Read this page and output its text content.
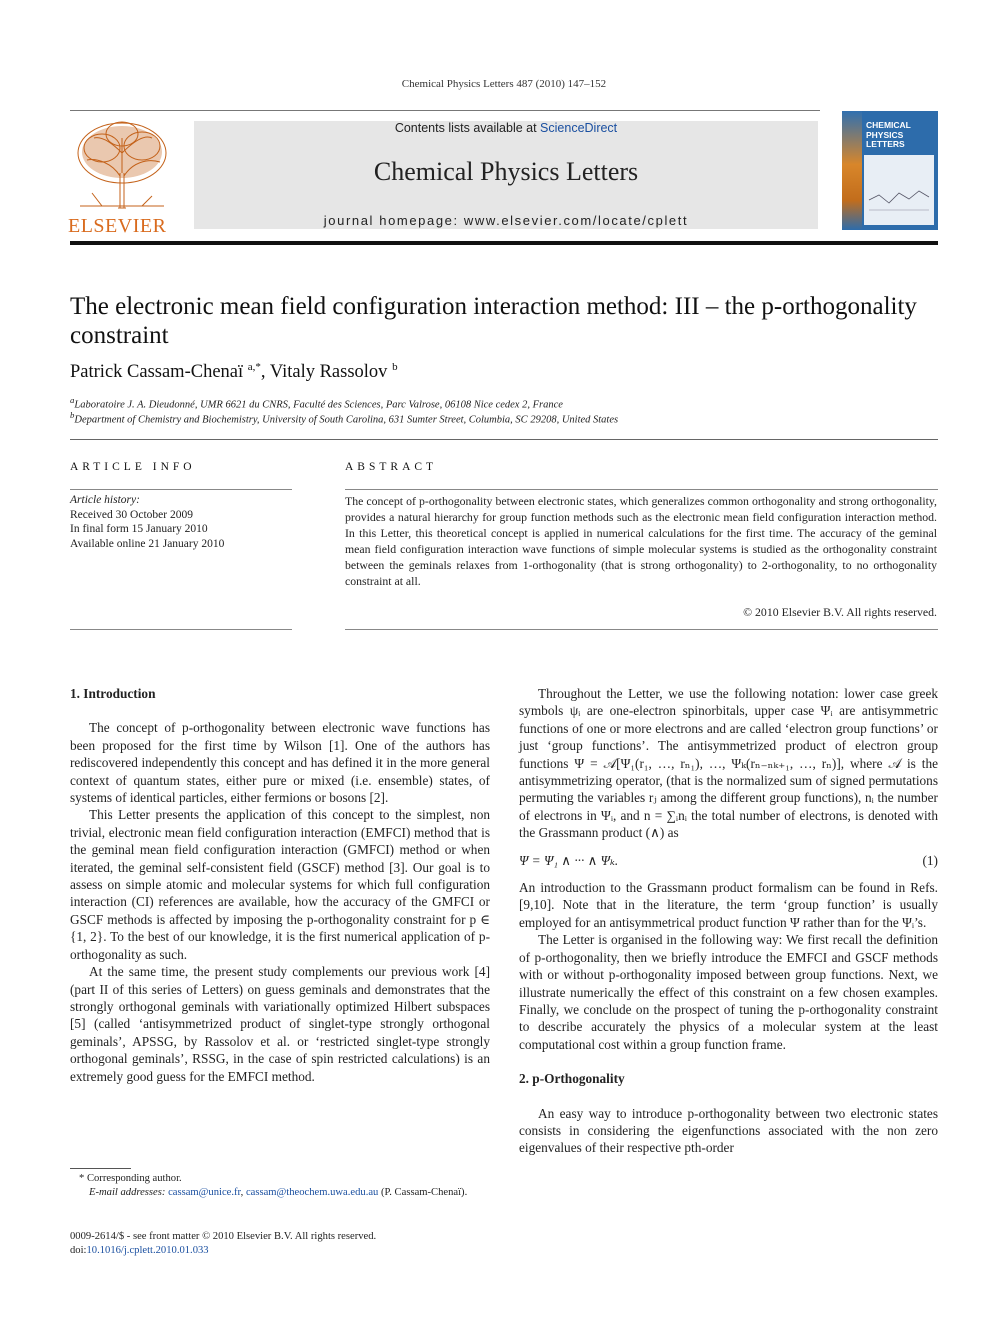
Chemical Physics Letters 487 (2010) 147–152
ELSEVIER
Contents lists available at ScienceDirect
Chemical Physics Letters
journal homepage: www.elsevier.com/locate/cplett
CHEMICAL
PHYSICS
LETTERS
The electronic mean field configuration interaction method: III – the p-orthogonality constraint
Patrick Cassam-Chenaï $^{a,*}$, Vitaly Rassolov $^b$
$^a$Laboratoire J. A. Dieudonné, UMR 6621 du CNRS, Faculté des Sciences, Parc Valrose, 06108 Nice cedex 2, France
$^b$Department of Chemistry and Biochemistry, University of South Carolina, 631 Sumter Street, Columbia, SC 29208, United States
ARTICLE INFO	ABSTRACT
Article history:
Received 30 October 2009
In final form 15 January 2010
Available online 21 January 2010
The concept of p-orthogonality between electronic states, which generalizes common orthogonality and strong orthogonality, provides a natural hierarchy for group function methods such as the electronic mean field configuration interaction method. In this Letter, this theoretical concept is applied in numerical calculations for the first time. The accuracy of the geminal mean field configuration interaction wave functions of simple molecular systems is studied as the orthogonality constraint between the geminals relaxes from 1-orthogonality (that is strong orthogonality) to 2-orthogonality, to no orthogonality constraint at all.
© 2010 Elsevier B.V. All rights reserved.

1. Introduction

The concept of p-orthogonality between electronic wave functions has been proposed for the first time by Wilson [1]. One of the authors has rediscovered independently this concept and has defined it in the more general context of quantum states, either pure or mixed (i.e. ensemble) states, of systems of identical particles, either fermions or bosons [2].

This Letter presents the application of this concept to the simplest, non trivial, electronic mean field configuration interaction (EMFCI) method that is the geminal mean field configuration interaction (GMFCI) method or when iterated, the geminal self-consistent field (GSCF) method [3]. Our goal is to assess on simple atomic and molecular systems for which full configuration interaction (CI) references are available, how the accuracy of the GMFCI or GSCF methods is affected by imposing the p-orthogonality constraint for p ∈ {1, 2}. To the best of our knowledge, it is the first numerical application of p-orthogonality as such.

At the same time, the present study complements our previous work [4] (part II of this series of Letters) on guess geminals and demonstrates that the strongly orthogonal geminals with variationally optimized Hilbert subspaces [5] (called ‘antisymmetrized product of singlet-type strongly orthogonal geminals’, APSSG, by Rassolov et al. or ‘restricted singlet-type strongly orthogonal geminals’, RSSG, in the case of spin restricted calculations) is an extremely good guess for the EMFCI method.

Throughout the Letter, we use the following notation: lower case greek symbols ψᵢ are one-electron spinorbitals, upper case Ψᵢ are antisymmetric functions of one or more electrons and are called ‘electron group functions’ or just ‘group functions’. The antisymmetrized product of electron group functions Ψ = 𝒜[Ψ₁(r₁, …, rₙ₁), …, Ψₖ(rₙ₋ₙₖ₊₁, …, rₙ)], where 𝒜 is the antisymmetrizing operator, (that is the normalized sum of signed permutations permuting the variables rⱼ among the different group functions), nᵢ the number of electrons in Ψᵢ, and n = ∑ᵢnᵢ the total number of electrons, is denoted with the Grassmann product (∧) as

Ψ = Ψ₁ ∧ ··· ∧ Ψₖ.	(1)

An introduction to the Grassmann product formalism can be found in Refs. [9,10]. Note that in the literature, the term ‘group function’ is usually employed for an antisymmetrical product function Ψ rather than for the Ψᵢ’s.

The Letter is organised in the following way: We first recall the definition of p-orthogonality, then we briefly introduce the EMFCI and GSCF methods with or without p-orthogonality imposed between group functions. Next, we illustrate numerically the effect of this constraint on a few chosen examples. Finally, we conclude on the prospect of tuning the p-orthogonality constraint to describe accurately the physics of a molecular system at the least computational cost within a group function frame.

2. p-Orthogonality

An easy way to introduce p-orthogonality between two electronic states consists in considering the eigenfunctions associated with the non zero eigenvalues of their respective pth-order

* Corresponding author.
E-mail addresses: cassam@unice.fr, cassam@theochem.uwa.edu.au (P. Cassam-Chenaï).
0009-2614/$ - see front matter © 2010 Elsevier B.V. All rights reserved.
doi:10.1016/j.cplett.2010.01.033
